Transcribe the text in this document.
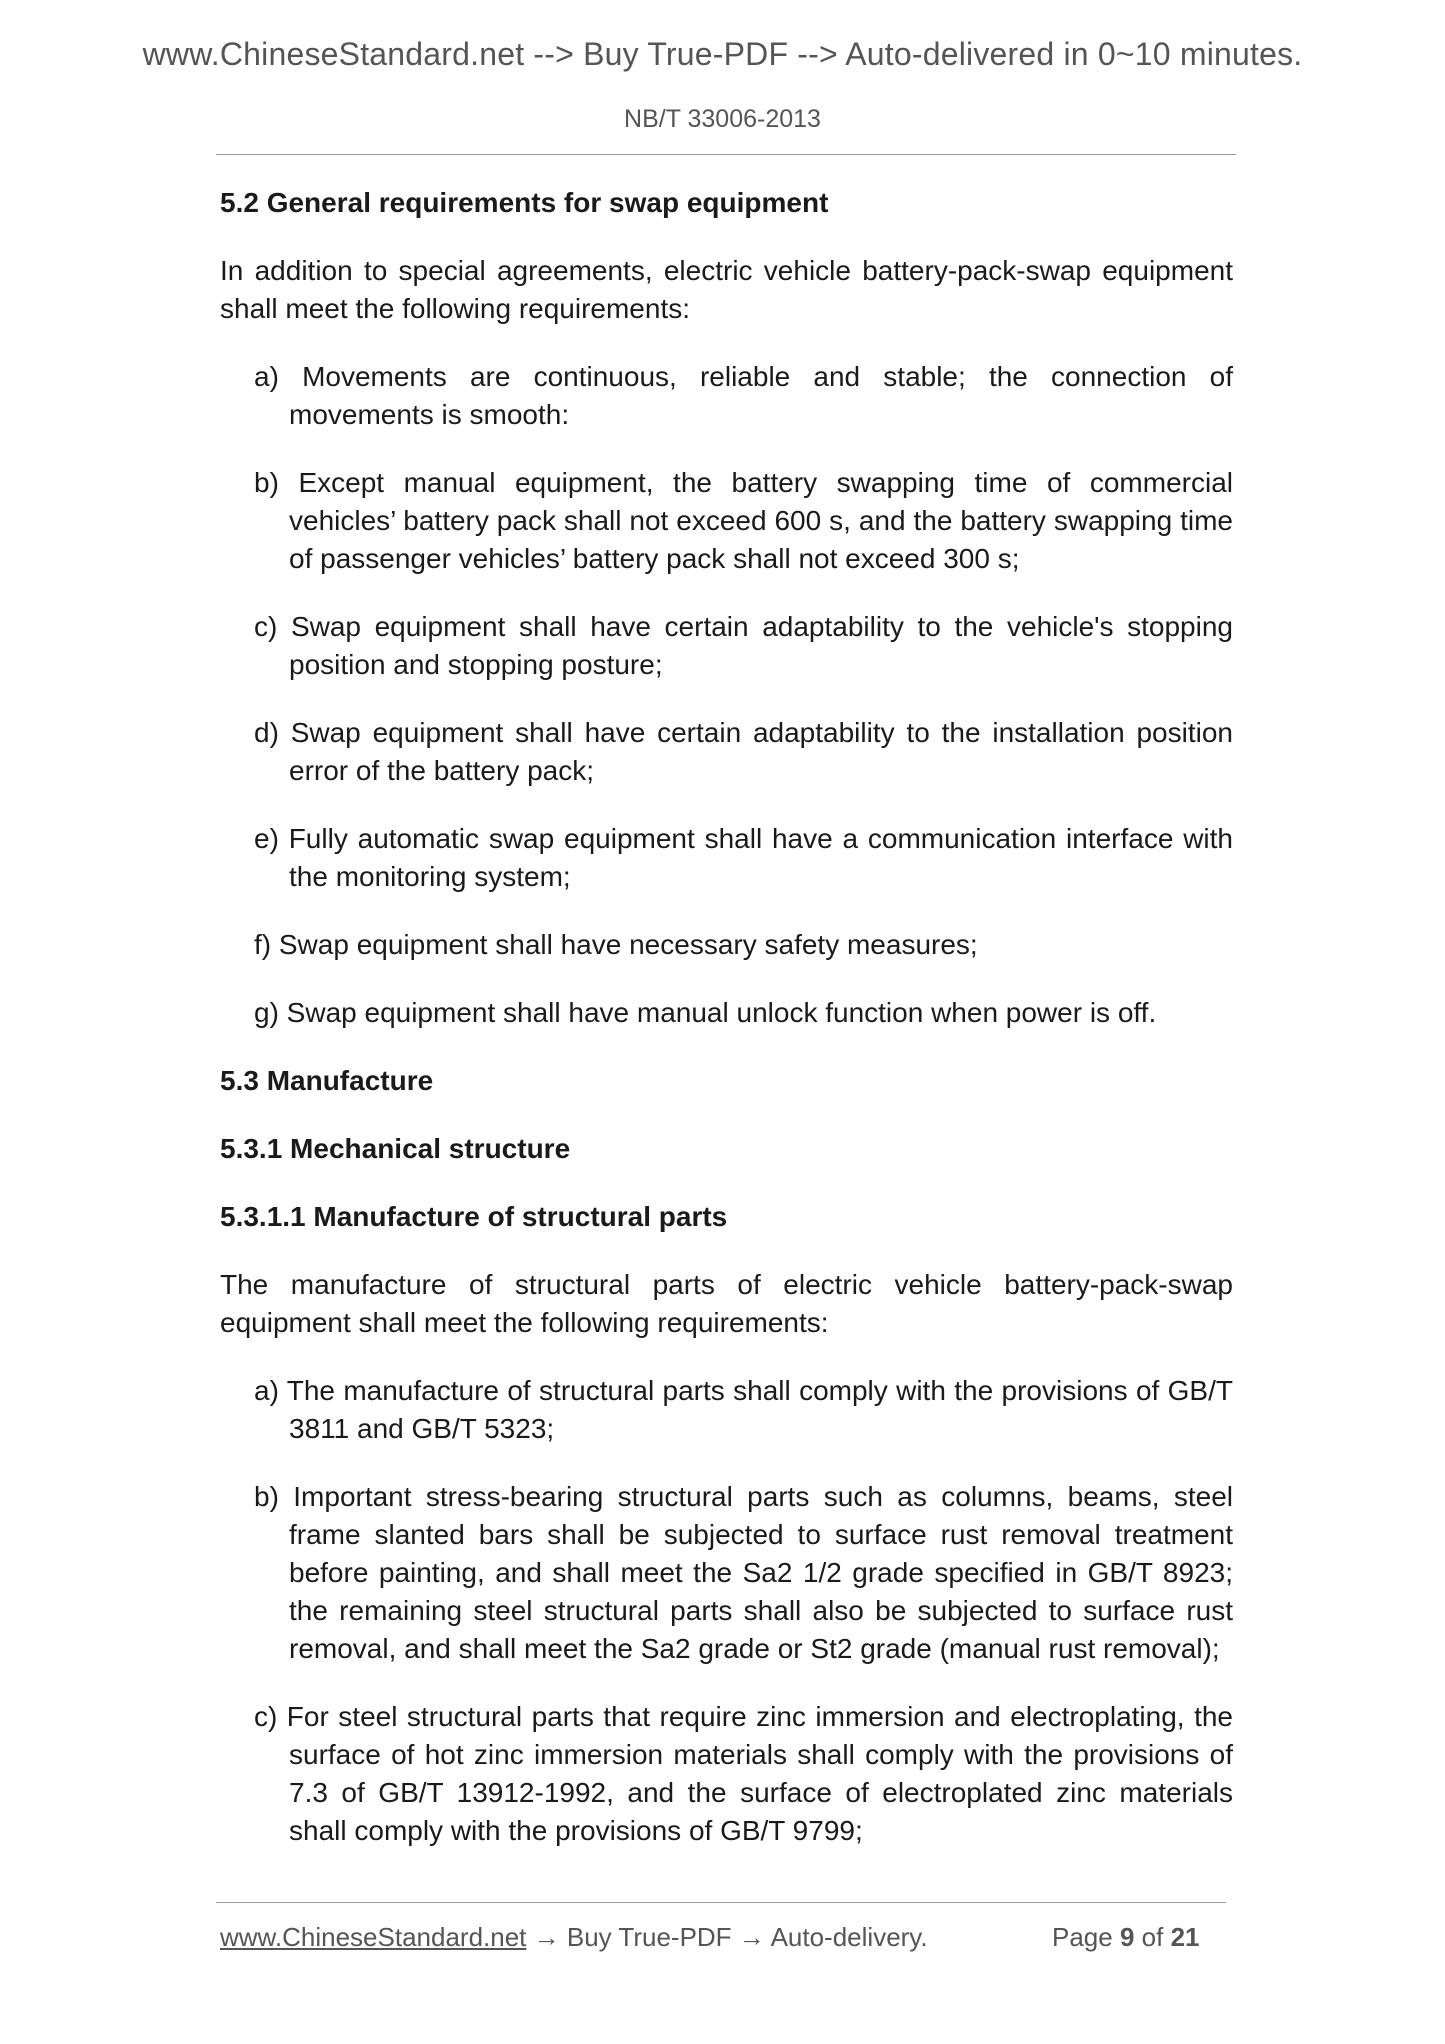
www.ChineseStandard.net --> Buy True-PDF --> Auto-delivered in 0~10 minutes.
NB/T 33006-2013
5.2 General requirements for swap equipment
In addition to special agreements, electric vehicle battery-pack-swap equipment shall meet the following requirements:
a) Movements are continuous, reliable and stable; the connection of movements is smooth:
b) Except manual equipment, the battery swapping time of commercial vehicles’ battery pack shall not exceed 600 s, and the battery swapping time of passenger vehicles’ battery pack shall not exceed 300 s;
c) Swap equipment shall have certain adaptability to the vehicle's stopping position and stopping posture;
d) Swap equipment shall have certain adaptability to the installation position error of the battery pack;
e) Fully automatic swap equipment shall have a communication interface with the monitoring system;
f) Swap equipment shall have necessary safety measures;
g) Swap equipment shall have manual unlock function when power is off.
5.3 Manufacture
5.3.1 Mechanical structure
5.3.1.1 Manufacture of structural parts
The manufacture of structural parts of electric vehicle battery-pack-swap equipment shall meet the following requirements:
a) The manufacture of structural parts shall comply with the provisions of GB/T 3811 and GB/T 5323;
b) Important stress-bearing structural parts such as columns, beams, steel frame slanted bars shall be subjected to surface rust removal treatment before painting, and shall meet the Sa2 1/2 grade specified in GB/T 8923; the remaining steel structural parts shall also be subjected to surface rust removal, and shall meet the Sa2 grade or St2 grade (manual rust removal);
c) For steel structural parts that require zinc immersion and electroplating, the surface of hot zinc immersion materials shall comply with the provisions of 7.3 of GB/T 13912-1992, and the surface of electroplated zinc materials shall comply with the provisions of GB/T 9799;
www.ChineseStandard.net → Buy True-PDF → Auto-delivery.	Page 9 of 21
